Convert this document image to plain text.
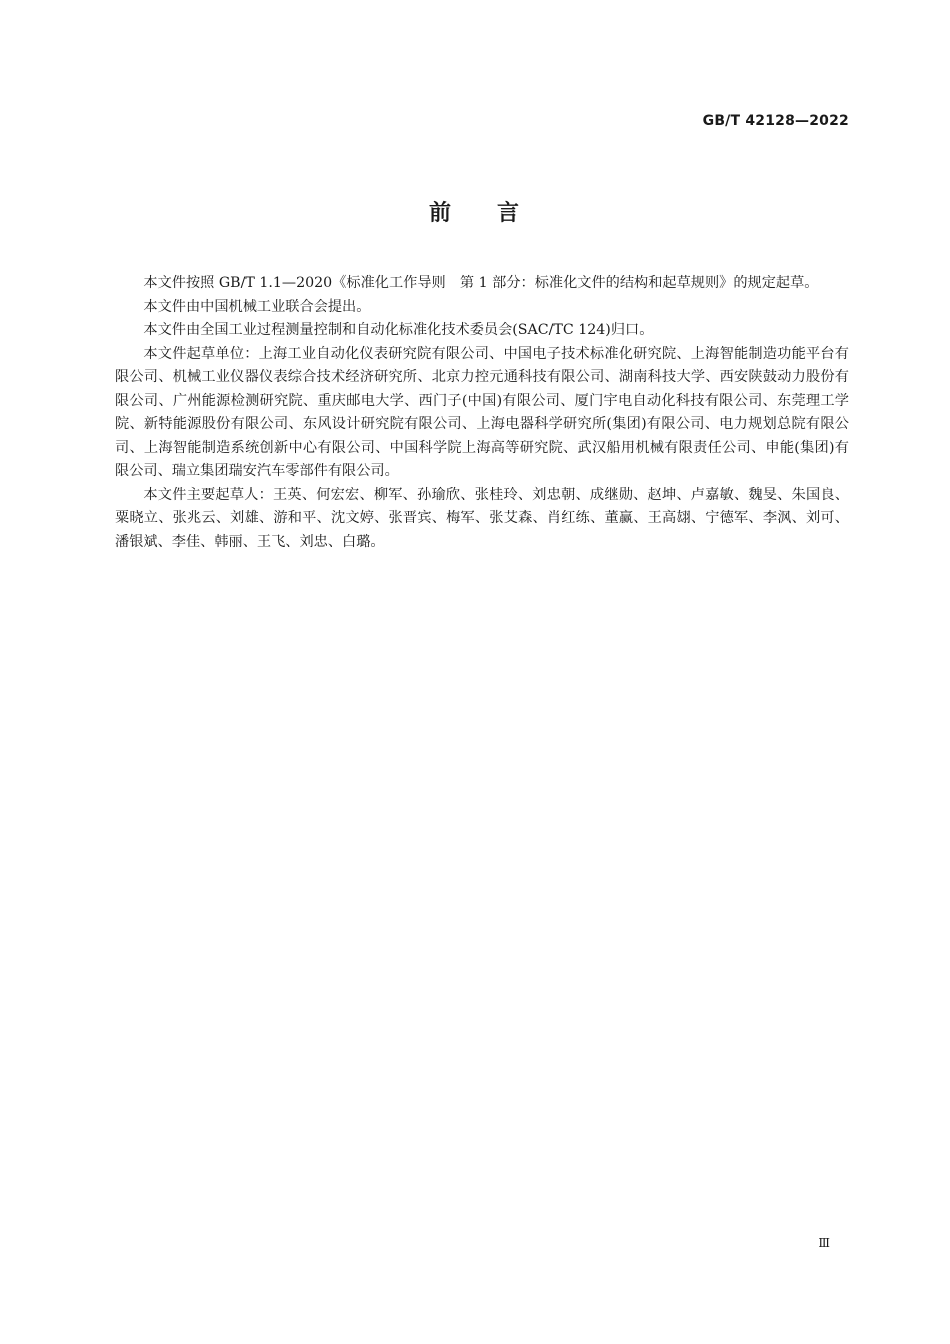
GB/T 42128—2022
前 言

本文件按照 GB/T 1.1—2020《标准化工作导则　第 1 部分：标准化文件的结构和起草规则》的规定起草。

本文件由中国机械工业联合会提出。

本文件由全国工业过程测量控制和自动化标准化技术委员会(SAC/TC 124)归口。

本文件起草单位：上海工业自动化仪表研究院有限公司、中国电子技术标准化研究院、上海智能制造功能平台有限公司、机械工业仪器仪表综合技术经济研究所、北京力控元通科技有限公司、湖南科技大学、西安陕鼓动力股份有限公司、广州能源检测研究院、重庆邮电大学、西门子(中国)有限公司、厦门宇电自动化科技有限公司、东莞理工学院、新特能源股份有限公司、东风设计研究院有限公司、上海电器科学研究所(集团)有限公司、电力规划总院有限公司、上海智能制造系统创新中心有限公司、中国科学院上海高等研究院、武汉船用机械有限责任公司、申能(集团)有限公司、瑞立集团瑞安汽车零部件有限公司。

本文件主要起草人：王英、何宏宏、柳军、孙瑜欣、张桂玲、刘忠朝、成继勋、赵坤、卢嘉敏、魏旻、朱国良、粟晓立、张兆云、刘雄、游和平、沈文婷、张晋宾、梅军、张艾森、肖红练、董赢、王高翃、宁德军、李沨、刘可、潘银斌、李佳、韩丽、王飞、刘忠、白璐。

Ⅲ
